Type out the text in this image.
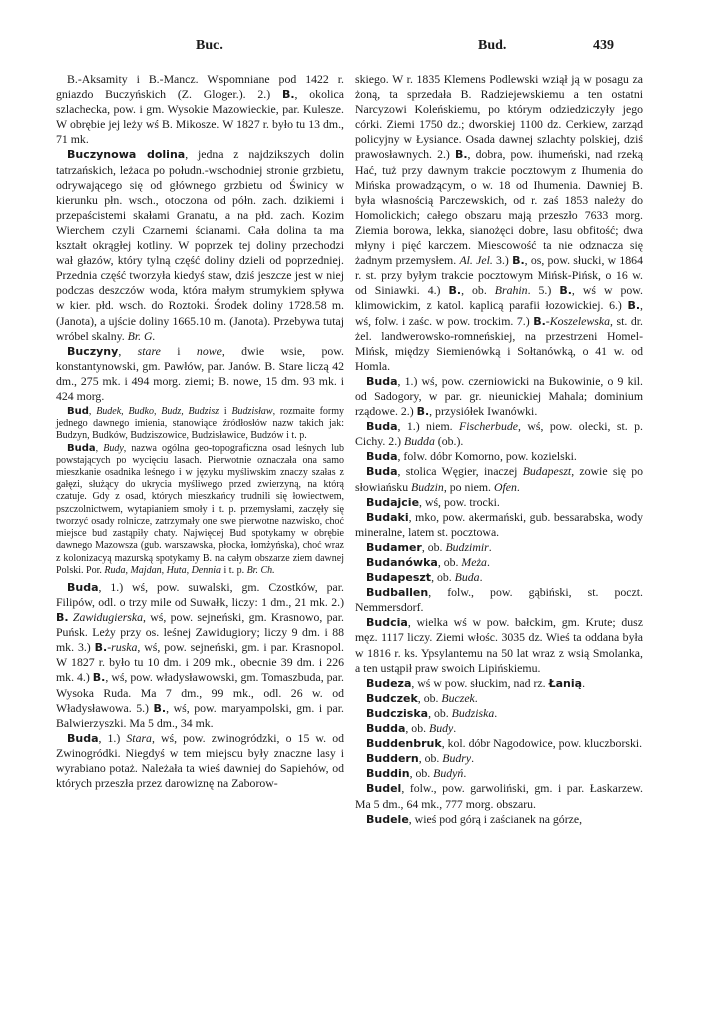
Buc.	Bud.	439

B.-Aksamity i B.-Mancz. Wspomniane pod 1422 r. gniazdo Buczyńskich (Z. Gloger.). 2.) B., okolica szlachecka, pow. i gm. Wysokie Mazowieckie, par. Kulesze. W obrębie jej leży wś B. Mikosze. W 1827 r. było tu 13 dm., 71 mk.

Buczynowa dolina, jedna z najdzikszych dolin tatrzańskich, leżaca po połudn.-wschodniej stronie grzbietu, odrywającego się od głównego grzbietu od Świnicy w kierunku płn. wsch., otoczona od półn. zach. dzikiemi i przepaścistemi skałami Granatu, a na płd. zach. Kozim Wierchem czyli Czarnemi ścianami. Cała dolina ta ma kształt okrągłej kotliny. W poprzek tej doliny przechodzi wał głazów, który tylną część doliny dzieli od poprzedniej. Przednia część tworzyła kiedyś staw, dziś jeszcze jest w niej podczas deszczów woda, która małym strumykiem spływa w kier. płd. wsch. do Roztoki. Środek doliny 1728.58 m. (Janota), a ujście doliny 1665.10 m. (Janota). Przebywa tutaj wróbel skalny. Br. G.

Buczyny, stare i nowe, dwie wsie, pow. konstantynowski, gm. Pawłów, par. Janów. B. Stare liczą 42 dm., 275 mk. i 494 morg. ziemi; B. nowe, 15 dm. 93 mk. i 424 morg.

Bud, Budek, Budko, Budz, Budzisz i Budzisław, rozmaite formy jednego dawnego imienia, stanowiące źródłosłów nazw takich jak: Budzyn, Budków, Budziszowice, Budzisławice, Budzów i t. p.

Buda, Budy, nazwa ogólna geo-topograficzna osad leśnych lub powstających po wycięciu lasach. Pierwotnie oznaczała ona samo mieszkanie osadnika leśnego i w języku myśliwskim znaczy szałas z gałęzi, służący do ukrycia myśliwego przed zwierzyną, na którą czatuje. Gdy z osad, których mieszkańcy trudnili się łowiectwem, pszczolnictwem, wytapianiem smoły i t. p. przemysłami, zaczęły się tworzyć osady rolnicze, zatrzymały one swe pierwotne nazwisko, choć miejsce bud zastąpiły chaty. Najwięcej Bud spotykamy w obrębie dawnego Mazowsza (gub. warszawska, płocka, łomżyńska), choć wraz z kolonizacyą mazurską spotykamy B. na całym obszarze ziem dawnej Polski. Por. Ruda, Majdan, Huta, Dennia i t. p. Br. Ch.

Buda, 1.) wś, pow. suwalski, gm. Czostków, par. Filipów, odl. o trzy mile od Suwałk, liczy: 1 dm., 21 mk. 2.) B. Zawidugierska, wś, pow. sejneński, gm. Krasnowo, par. Puńsk. Leży przy os. leśnej Zawidugiory; liczy 9 dm. i 88 mk. 3.) B.-ruska, wś, pow. sejneński, gm. i par. Krasnopol. W 1827 r. było tu 10 dm. i 209 mk., obecnie 39 dm. i 226 mk. 4.) B., wś, pow. władysławowski, gm. Tomaszbuda, par. Wysoka Ruda. Ma 7 dm., 99 mk., odl. 26 w. od Władysławowa. 5.) B., wś, pow. maryampolski, gm. i par. Balwierzyszki. Ma 5 dm., 34 mk.

Buda, 1.) Stara, wś, pow. zwinogródzki, o 15 w. od Zwinogródki. Niegdyś w tem miejscu były znaczne lasy i wyrabiano potaż. Należała ta wieś dawniej do Sapiehów, od których przeszła przez darowiznę na Zaborow-

skiego. W r. 1835 Klemens Podlewski wziął ją w posagu za żoną, ta sprzedała B. Radziejewskiemu a ten ostatni Narcyzowi Koleńskiemu, po którym odziedziczyły jego córki. Ziemi 1750 dz.; dworskiej 1100 dz. Cerkiew, zarząd policyjny w Łysiance. Osada dawnej szlachty polskiej, dziś prawosławnych. 2.) B., dobra, pow. ihumeński, nad rzeką Hać, tuż przy dawnym trakcie pocztowym z Ihumenia do Mińska prowadzącym, o w. 18 od Ihumenia. Dawniej B. była własnością Parczewskich, od r. zaś 1853 należy do Homolickich; całego obszaru mają przeszło 7633 morg. Ziemia borowa, lekka, sianożęci dobre, lasu obfitość; dwa młyny i pięć karczem. Miescowość ta nie odznacza się żadnym przemysłem. Al. Jel. 3.) B., os, pow. słucki, w 1864 r. st. przy byłym trakcie pocztowym Mińsk-Pińsk, o 16 w. od Siniawki. 4.) B., ob. Brahin. 5.) B., wś w pow. klimowickim, z katol. kaplicą parafii łozowickiej. 6.) B., wś, folw. i zaśc. w pow. trockim. 7.) B.-Koszelewska, st. dr. żel. landwerowsko-romneńskiej, na przestrzeni Homel-Mińsk, między Siemienówką i Sołtanówką, o 41 w. od Homla.

Buda, 1.) wś, pow. czerniowicki na Bukowinie, o 9 kil. od Sadogory, w par. gr. nieunickiej Mahala; dominium rządowe. 2.) B., przysiółek Iwanówki.

Buda, 1.) niem. Fischerbude, wś, pow. olecki, st. p. Cichy. 2.) Budda (ob.).

Buda, folw. dóbr Komorno, pow. kozielski.

Buda, stolica Węgier, inaczej Budapeszt, zowie się po słowiańsku Budzin, po niem. Ofen.

Budajcie, wś, pow. trocki.

Budaki, mko, pow. akermański, gub. bessarabska, wody mineralne, latem st. pocztowa.

Budamer, ob. Budzimir.

Budanówka, ob. Meża.

Budapeszt, ob. Buda.

Budballen, folw., pow. gąbiński, st. poczt. Nemmersdorf.

Budcia, wielka wś w pow. bałckim, gm. Krute; dusz męz. 1117 liczy. Ziemi włośc. 3035 dz. Wieś ta oddana była w 1816 r. ks. Ypsylantemu na 50 lat wraz z wsią Smolanka, a ten ustąpił praw swoich Lipińskiemu.

Budeza, wś w pow. słuckim, nad rz. Łanią.

Budczek, ob. Buczek.

Budcziska, ob. Budziska.

Budda, ob. Budy.

Buddenbruk, kol. dóbr Nagodowice, pow. kluczborski.

Buddern, ob. Budry.

Buddin, ob. Budyń.

Budel, folw., pow. garwoliński, gm. i par. Łaskarzew. Ma 5 dm., 64 mk., 777 morg. obszaru.

Budele, wieś pod górą i zaścianek na górze,
